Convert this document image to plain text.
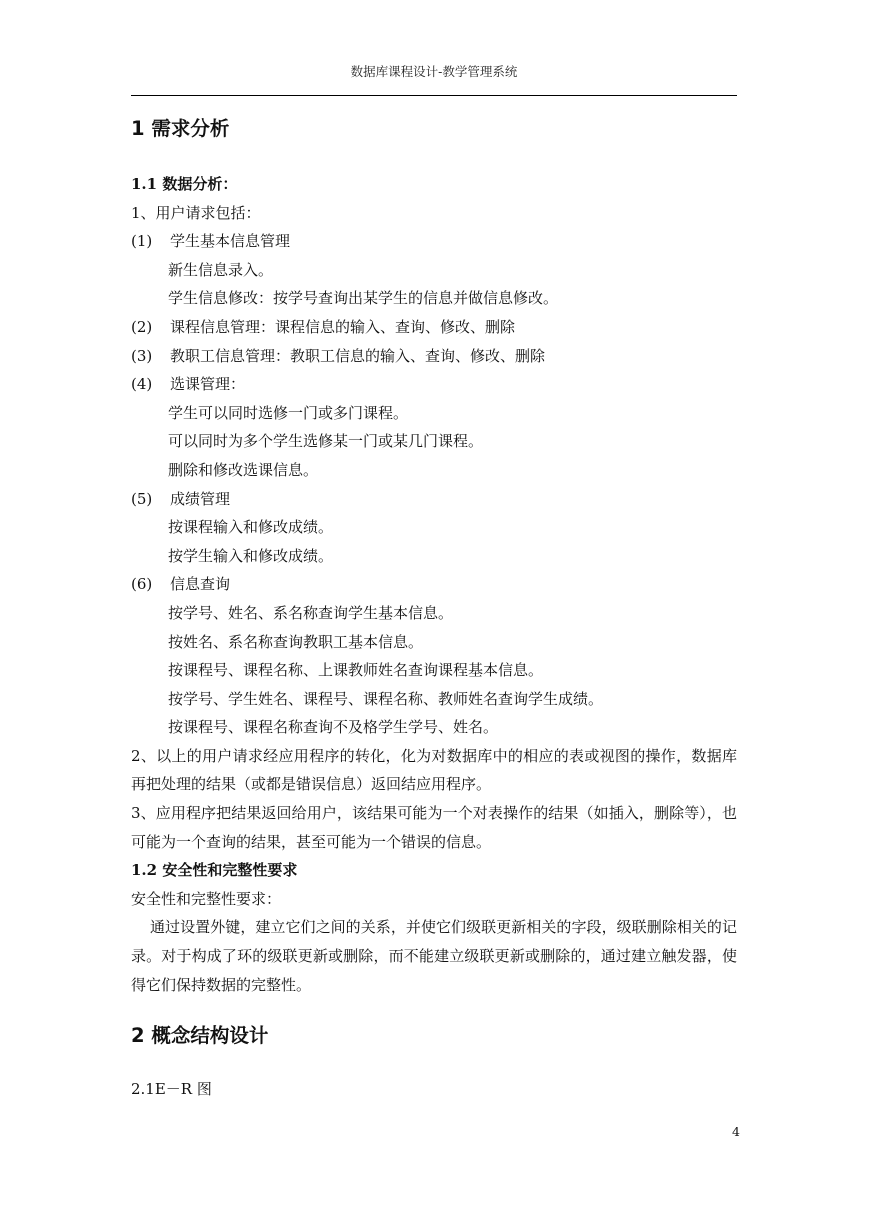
数据库课程设计-教学管理系统
1 需求分析
1.1 数据分析：
1、用户请求包括：
(1)	学生基本信息管理
新生信息录入。
学生信息修改：按学号查询出某学生的信息并做信息修改。
(2)	课程信息管理：课程信息的输入、查询、修改、删除
(3)	教职工信息管理：教职工信息的输入、查询、修改、删除
(4)	选课管理：
学生可以同时选修一门或多门课程。
可以同时为多个学生选修某一门或某几门课程。
删除和修改选课信息。
(5)	成绩管理
按课程输入和修改成绩。
按学生输入和修改成绩。
(6)	信息查询
按学号、姓名、系名称查询学生基本信息。
按姓名、系名称查询教职工基本信息。
按课程号、课程名称、上课教师姓名查询课程基本信息。
按学号、学生姓名、课程号、课程名称、教师姓名查询学生成绩。
按课程号、课程名称查询不及格学生学号、姓名。
2、以上的用户请求经应用程序的转化，化为对数据库中的相应的表或视图的操作，数据库再把处理的结果（或都是错误信息）返回结应用程序。
3、应用程序把结果返回给用户，该结果可能为一个对表操作的结果（如插入，删除等），也可能为一个查询的结果，甚至可能为一个错误的信息。
1.2 安全性和完整性要求
安全性和完整性要求：
通过设置外键，建立它们之间的关系，并使它们级联更新相关的字段，级联删除相关的记录。对于构成了环的级联更新或删除，而不能建立级联更新或删除的，通过建立触发器，使得它们保持数据的完整性。
2 概念结构设计
2.1E－R 图
4
